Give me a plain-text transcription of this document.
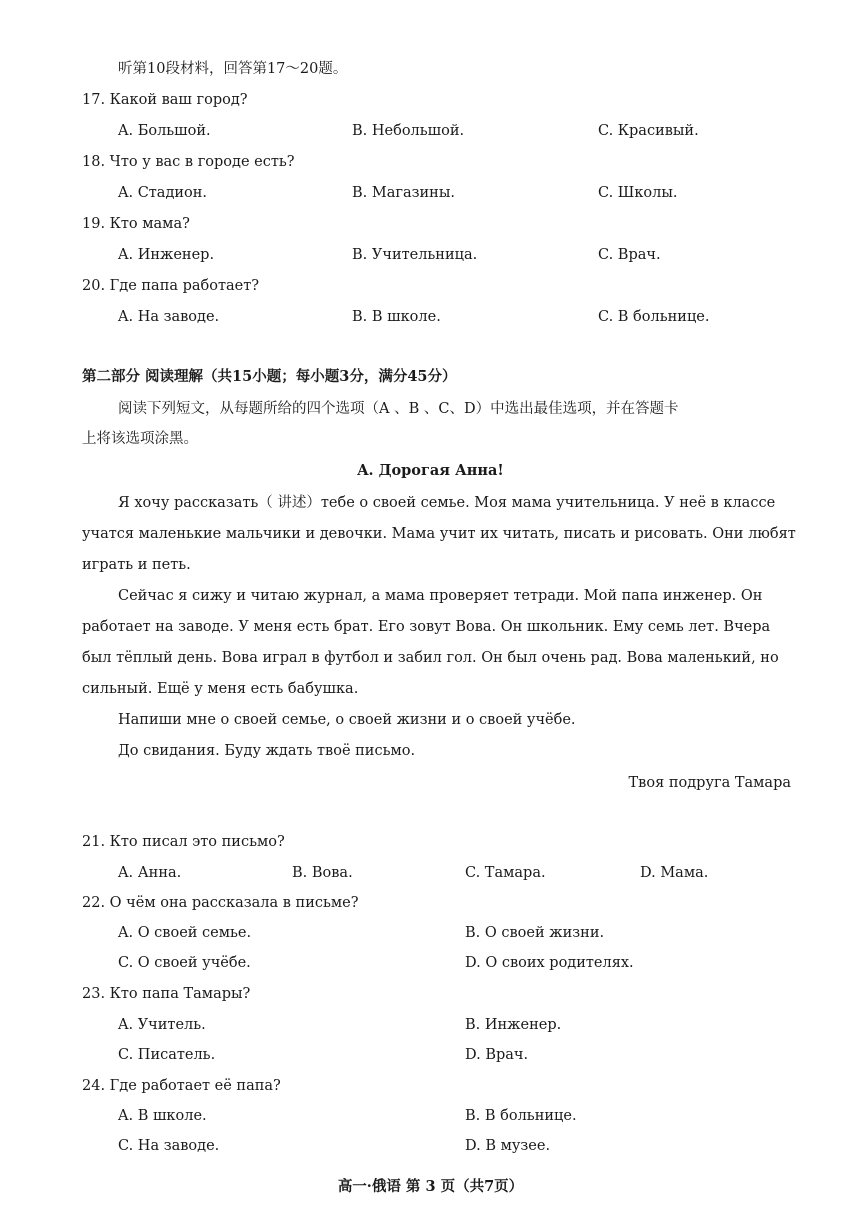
听第10段材料，回答第17～20题。
17. Какой ваш город?
A. Большой.	B. Небольшой.	C. Красивый.
18. Что у вас в городе есть?
A. Стадион.	B. Магазины.	C. Школы.
19. Кто мама?
A. Инженер.	B. Учительница.	C. Врач.
20. Где папа работает?
A. На заводе.	B. В школе.	C. В больнице.
第二部分 阅读理解（共15小题；每小题3分，满分45分）
阅读下列短文，从每题所给的四个选项（A 、B 、C、D）中选出最佳选项，并在答题卡
上将该选项涂黑。
A. Дорогая Анна!
Я хочу рассказать（ 讲述）тебе о своей семье. Моя мама учительница. У неё в классе
учатся маленькие мальчики и девочки. Мама учит их читать, писать и рисовать. Они любят
играть и петь.
Сейчас я сижу и читаю журнал, а мама проверяет тетради. Мой папа инженер. Он
работает на заводе. У меня есть брат. Его зовут Вова. Он школьник. Ему семь лет. Вчера
был тёплый день. Вова играл в футбол и забил гол. Он был очень рад. Вова маленький, но
сильный. Ещё у меня есть бабушка.
Напиши мне о своей семье, о своей жизни и о своей учёбе.
До свидания. Буду ждать твоё письмо.
Твоя подруга Тамара
21. Кто писал это письмо?
A. Анна.	B. Вова.	C. Тамара.	D. Мама.
22. О чём она рассказала в письме?
A. О своей семье.	B. О своей жизни.
C. О своей учёбе.	D. О своих родителях.
23. Кто папа Тамары?
A. Учитель.	B. Инженер.
C. Писатель.	D. Врач.
24. Где работает её папа?
A. В школе.	B. В больнице.
C. На заводе.	D. В музее.
高一·俄语 第 3 页（共7页）
